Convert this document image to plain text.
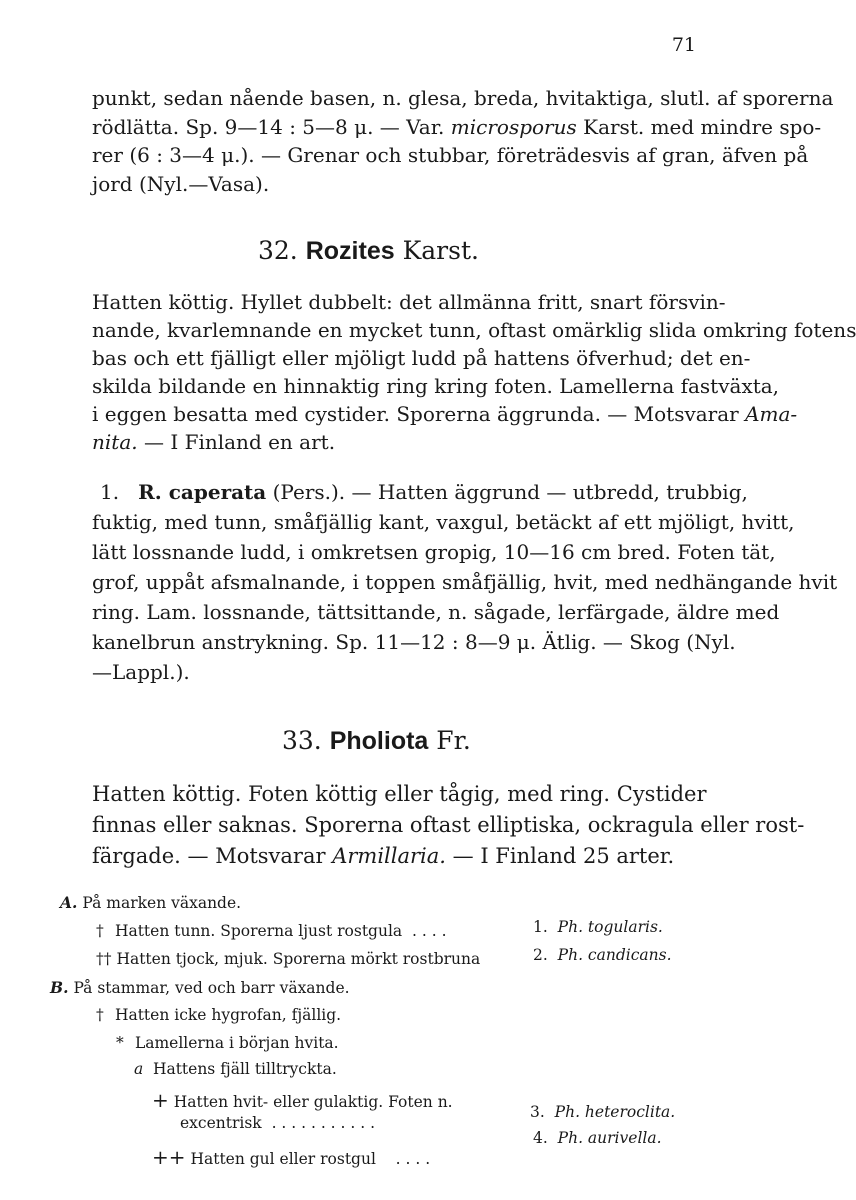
71
punkt, sedan nående basen, n. glesa, breda, hvitaktiga, slutl. af sporerna
rödlätta. Sp. 9—14 : 5—8 μ. — Var. microsporus Karst. med mindre spo-
rer (6 : 3—4 μ.). — Grenar och stubbar, företrädesvis af gran, äfven på
jord (Nyl.—Vasa).
32. Rozites Karst.
Hatten köttig. Hyllet dubbelt: det allmänna fritt, snart försvin-
nande, kvarlemnande en mycket tunn, oftast omärklig slida omkring fotens
bas och ett fjälligt eller mjöligt ludd på hattens öfverhud; det en-
skilda bildande en hinnaktig ring kring foten. Lamellerna fastväxta,
i eggen besatta med cystider. Sporerna äggrunda. — Motsvarar Ama-
nita. — I Finland en art.
1. R. caperata (Pers.). — Hatten äggrund — utbredd, trubbig,
fuktig, med tunn, småfjällig kant, vaxgul, betäckt af ett mjöligt, hvitt,
lätt lossnande ludd, i omkretsen gropig, 10—16 cm bred. Foten tät,
grof, uppåt afsmalnande, i toppen småfjällig, hvit, med nedhängande hvit
ring. Lam. lossnande, tättsittande, n. sågade, lerfärgade, äldre med
kanelbrun anstrykning. Sp. 11—12 : 8—9 μ. Ätlig. — Skog (Nyl.
—Lappl.).
33. Pholiota Fr.
Hatten köttig. Foten köttig eller tågig, med ring. Cystider
finnas eller saknas. Sporerna oftast elliptiska, ockragula eller rost-
färgade. — Motsvarar Armillaria. — I Finland 25 arter.
A. På marken växande.
† Hatten tunn. Sporerna ljust rostgula . . . .	1. Ph. togularis.
†† Hatten tjock, mjuk. Sporerna mörkt rostbruna	2. Ph. candicans.
B. På stammar, ved och barr växande.
† Hatten icke hygrofan, fjällig.
* Lamellerna i början hvita.
a Hattens fjäll tilltryckta.
+ Hatten hvit- eller gulaktig. Foten n.
excentrisk . . . . . . . . . . .
3. Ph. heteroclita.
++ Hatten gul eller rostgul . . . .
4. Ph. aurivella.
